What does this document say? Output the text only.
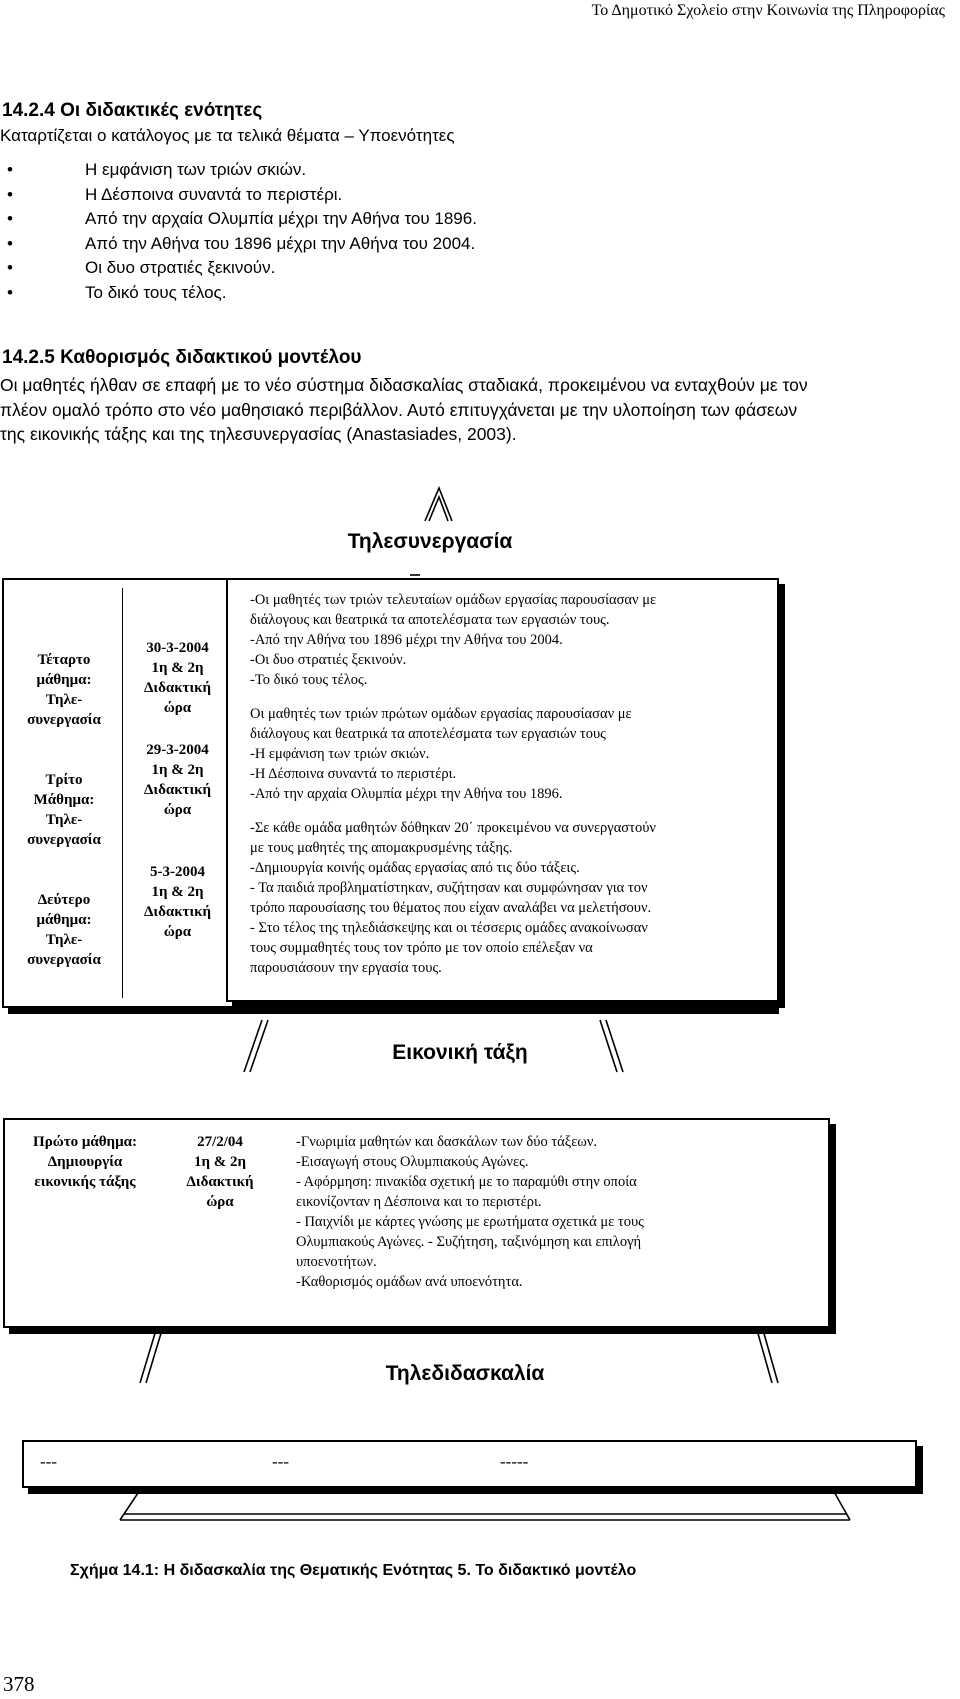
Το Δημοτικό Σχολείο στην Κοινωνία της Πληροφορίας
14.2.4 Οι διδακτικές ενότητες
Καταρτίζεται ο κατάλογος με τα τελικά θέματα – Υποενότητες
• Η εμφάνιση των τριών σκιών.
• Η Δέσποινα συναντά το περιστέρι.
• Από την αρχαία Ολυμπία μέχρι την Αθήνα του 1896.
• Από την Αθήνα του 1896 μέχρι την Αθήνα του 2004.
• Οι δυο στρατιές ξεκινούν.
• Το δικό τους τέλος.
14.2.5 Καθορισμός διδακτικού μοντέλου
Οι μαθητές ήλθαν σε επαφή με το νέο σύστημα διδασκαλίας σταδιακά, προκειμένου να ενταχθούν με τον
πλέον ομαλό τρόπο στο νέο μαθησιακό περιβάλλον. Αυτό επιτυγχάνεται με την υλοποίηση των φάσεων
της εικονικής τάξης και της τηλεσυνεργασίας (Anastasiades, 2003).
Τηλεσυνεργασία
Τέταρτο
μάθημα:
Τηλε-
συνεργασία
Τρίτο
Μάθημα:
Τηλε-
συνεργασία
Δεύτερο
μάθημα:
Τηλε-
συνεργασία
30-3-2004
1η & 2η
Διδακτική
ώρα
29-3-2004
1η & 2η
Διδακτική
ώρα
5-3-2004
1η & 2η
Διδακτική
ώρα
-Οι μαθητές των τριών τελευταίων ομάδων εργασίας παρουσίασαν με
διάλογους και θεατρικά τα αποτελέσματα των εργασιών τους.
-Από την Αθήνα του 1896 μέχρι την Αθήνα του 2004.
-Οι δυο στρατιές ξεκινούν.
-Το δικό τους τέλος.
Οι μαθητές των τριών πρώτων ομάδων εργασίας παρουσίασαν με
διάλογους και θεατρικά τα αποτελέσματα των εργασιών τους
-Η εμφάνιση των τριών σκιών.
-Η Δέσποινα συναντά το περιστέρι.
-Από την αρχαία Ολυμπία μέχρι την Αθήνα του 1896.
-Σε κάθε ομάδα μαθητών δόθηκαν 20΄ προκειμένου να συνεργαστούν
με τους μαθητές της απομακρυσμένης τάξης.
-Δημιουργία κοινής ομάδας εργασίας από τις δύο τάξεις.
- Τα παιδιά προβληματίστηκαν, συζήτησαν και συμφώνησαν για τον
τρόπο παρουσίασης του θέματος που είχαν αναλάβει να μελετήσουν.
- Στο τέλος της τηλεδιάσκεψης και οι τέσσερις ομάδες ανακοίνωσαν
τους συμμαθητές τους τον τρόπο με τον οποίο επέλεξαν να
παρουσιάσουν την εργασία τους.
Εικονική τάξη
Πρώτο μάθημα:
Δημιουργία
εικονικής τάξης
27/2/04
1η & 2η
Διδακτική
ώρα
-Γνωριμία μαθητών και δασκάλων των δύο τάξεων.
-Εισαγωγή στους Ολυμπιακούς Αγώνες.
- Αφόρμηση: πινακίδα σχετική με το παραμύθι στην οποία
εικονίζονταν η Δέσποινα και το περιστέρι.
- Παιχνίδι με κάρτες γνώσης με ερωτήματα σχετικά με τους
Ολυμπιακούς Αγώνες. - Συζήτηση, ταξινόμηση και επιλογή
υποενοτήτων.
-Καθορισμός ομάδων ανά υποενότητα.
Τηλεδιδασκαλία
---	---	-----
Σχήμα 14.1: Η διδασκαλία της Θεματικής Ενότητας 5. Το διδακτικό μοντέλο
378
